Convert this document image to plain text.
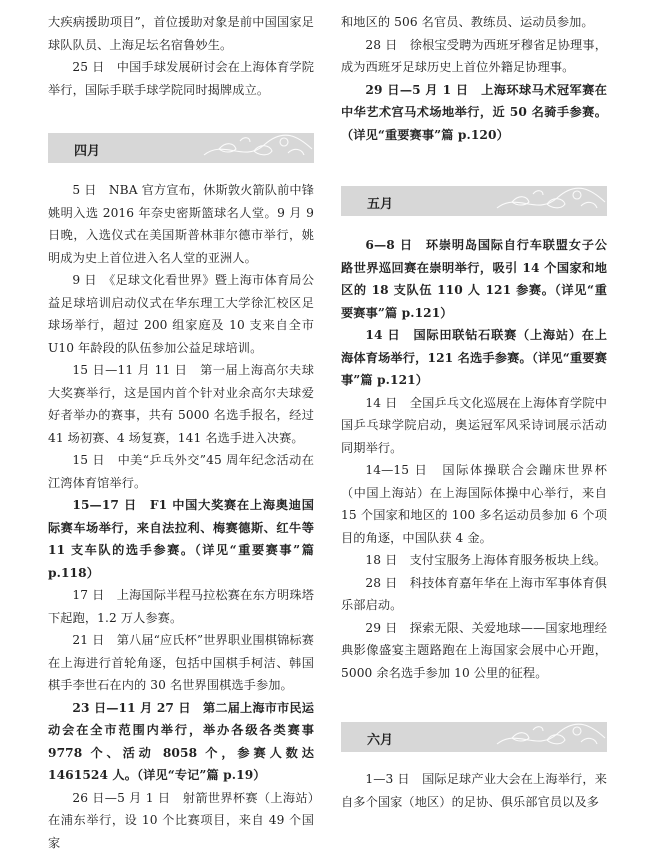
大疾病援助项目”，首位援助对象是前中国国家足球队队员、上海足坛名宿鲁妙生。

25 日　中国手球发展研讨会在上海体育学院举行，国际手联手球学院同时揭牌成立。

四月

5 日　NBA 官方宣布，休斯敦火箭队前中锋姚明入选 2016 年奈史密斯篮球名人堂。9 月 9 日晚，入选仪式在美国斯普林菲尔德市举行，姚明成为史上首位进入名人堂的亚洲人。

9 日　《足球文化看世界》暨上海市体育局公益足球培训启动仪式在华东理工大学徐汇校区足球场举行，超过 200 组家庭及 10 支来自全市 U10 年龄段的队伍参加公益足球培训。

15 日—11 月 11 日　第一届上海高尔夫球大奖赛举行，这是国内首个针对业余高尔夫球爱好者举办的赛事，共有 5000 名选手报名，经过 41 场初赛、4 场复赛，141 名选手进入决赛。

15 日　中美“乒乓外交”45 周年纪念活动在江湾体育馆举行。

15—17 日　F1 中国大奖赛在上海奥迪国际赛车场举行，来自法拉利、梅赛德斯、红牛等 11 支车队的选手参赛。（详见“重要赛事”篇 p.118）

17 日　上海国际半程马拉松赛在东方明珠塔下起跑，1.2 万人参赛。

21 日　第八届“应氏杯”世界职业围棋锦标赛在上海进行首轮角逐，包括中国棋手柯洁、韩国棋手李世石在内的 30 名世界围棋选手参加。

23 日—11 月 27 日　第二届上海市市民运动会在全市范围内举行，举办各级各类赛事 9778 个、活动 8058 个，参赛人数达 1461524 人。（详见“专记”篇 p.19）

26 日—5 月 1 日　射箭世界杯赛（上海站）在浦东举行，设 10 个比赛项目，来自 49 个国家

和地区的 506 名官员、教练员、运动员参加。

28 日　徐根宝受聘为西班牙穆省足协理事，成为西班牙足球历史上首位外籍足协理事。

29 日—5 月 1 日　上海环球马术冠军赛在中华艺术宫马术场地举行，近 50 名骑手参赛。（详见“重要赛事”篇 p.120）

五月

6—8 日　环崇明岛国际自行车联盟女子公路世界巡回赛在崇明举行，吸引 14 个国家和地区的 18 支队伍 110 人 121 参赛。（详见“重要赛事”篇 p.121）

14 日　国际田联钻石联赛（上海站）在上海体育场举行，121 名选手参赛。（详见“重要赛事”篇 p.121）

14 日　全国乒乓文化巡展在上海体育学院中国乒乓球学院启动，奥运冠军风采诗词展示活动同期举行。

14—15 日　国际体操联合会蹦床世界杯（中国上海站）在上海国际体操中心举行，来自 15 个国家和地区的 100 多名运动员参加 6 个项目的角逐，中国队获 4 金。

18 日　支付宝服务上海体育服务板块上线。

28 日　科技体育嘉年华在上海市军事体育俱乐部启动。

29 日　探索无限、关爱地球——国家地理经典影像盛宴主题路跑在上海国家会展中心开跑，5000 余名选手参加 10 公里的征程。

六月

1—3 日　国际足球产业大会在上海举行，来自多个国家（地区）的足协、俱乐部官员以及多
